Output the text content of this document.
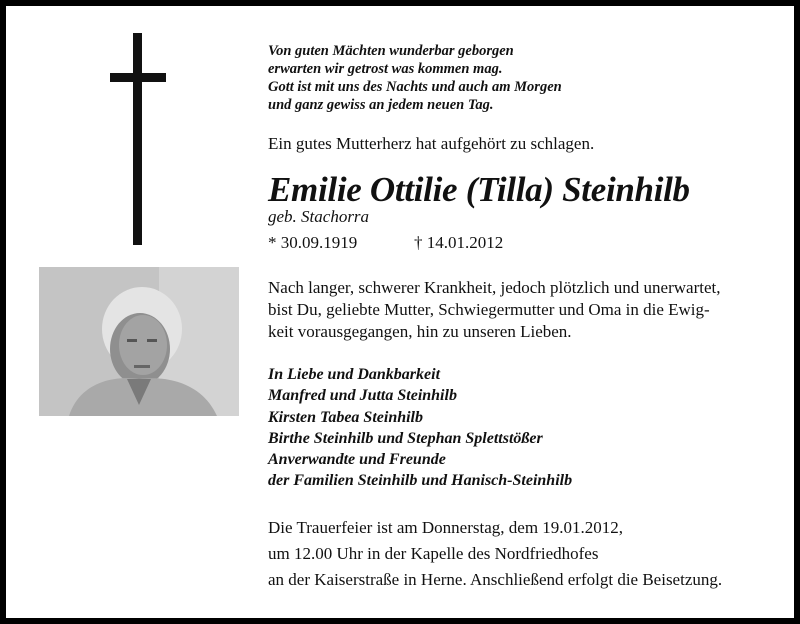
Von guten Mächten wunderbar geborgen
erwarten wir getrost was kommen mag.
Gott ist mit uns des Nachts und auch am Morgen
und ganz gewiss an jedem neuen Tag.
Ein gutes Mutterherz hat aufgehört zu schlagen.
Emilie Ottilie (Tilla) Steinhilb
geb. Stachorra
* 30.09.1919	† 14.01.2012
Nach langer, schwerer Krankheit, jedoch plötzlich und unerwartet,
bist Du, geliebte Mutter, Schwiegermutter und Oma in die Ewig-
keit vorausgegangen, hin zu unseren Lieben.
In Liebe und Dankbarkeit
Manfred und Jutta Steinhilb
Kirsten Tabea Steinhilb
Birthe Steinhilb und Stephan Splettstößer
Anverwandte und Freunde
der Familien Steinhilb und Hanisch-Steinhilb
Die Trauerfeier ist am Donnerstag, dem 19.01.2012,
um 12.00 Uhr in der Kapelle des Nordfriedhofes
an der Kaiserstraße in Herne. Anschließend erfolgt die Beisetzung.
